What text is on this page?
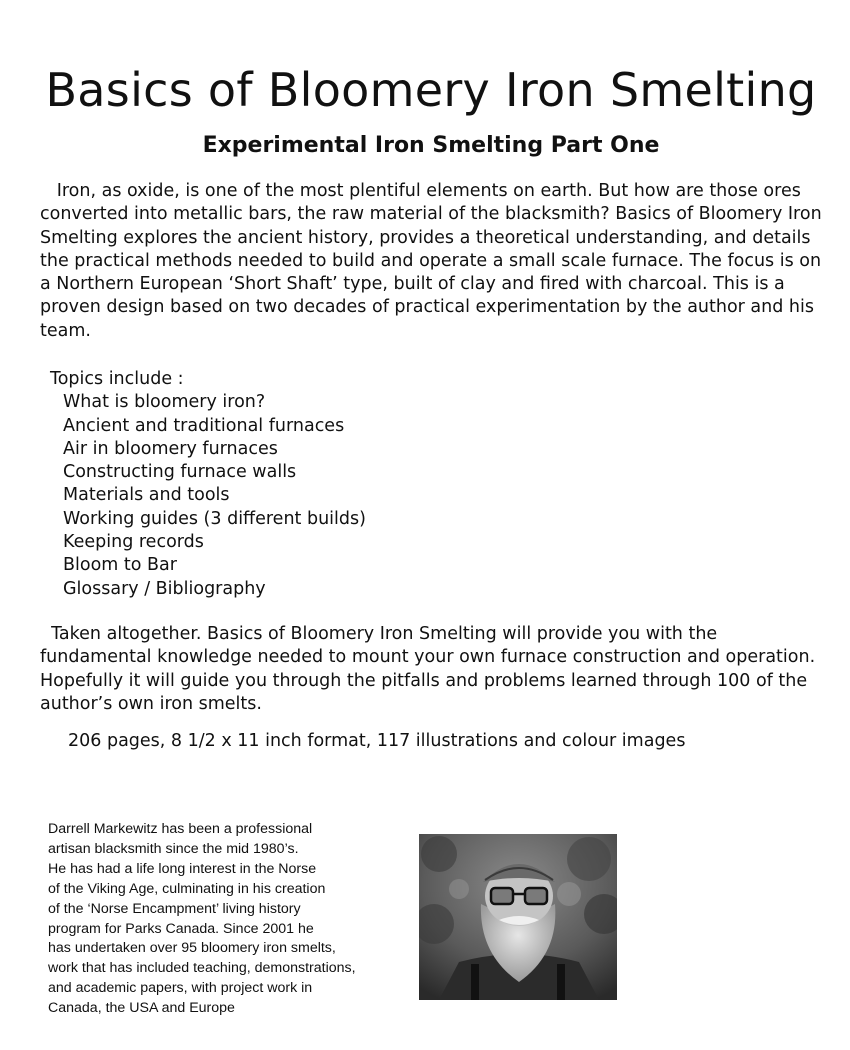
Basics of Bloomery Iron Smelting
Experimental Iron Smelting Part One

Iron, as oxide, is one of the most plentiful elements on earth. But how are those ores converted into metallic bars, the raw material of the blacksmith? Basics of Bloomery Iron Smelting explores the ancient history, provides a theoretical understanding, and details the practical methods needed to build and operate a small scale furnace. The focus is on a Northern European ‘Short Shaft’ type, built of clay and fired with charcoal. This is a proven design based on two decades of practical experimentation by the author and his team.

Topics include :

What is bloomery iron?
Ancient and traditional furnaces
Air in bloomery furnaces
Constructing furnace walls
Materials and tools
Working guides (3 different builds)
Keeping records
Bloom to Bar
Glossary / Bibliography

Taken altogether. Basics of Bloomery Iron Smelting will provide you with the fundamental knowledge needed to mount your own furnace construction and operation. Hopefully it will guide you through the pitfalls and problems learned through 100 of the author’s own iron smelts.

206 pages, 8 1/2 x 11 inch format, 117 illustrations and colour images

Darrell Markewitz has been a professional
artisan blacksmith since the mid 1980’s.
He has had a life long interest in the Norse
of the Viking Age, culminating in his creation
of the ‘Norse Encampment’ living history
program for Parks Canada. Since 2001 he
has undertaken over 95 bloomery iron smelts,
work that has included teaching, demonstrations,
and academic papers, with project work in
Canada, the USA and Europe
